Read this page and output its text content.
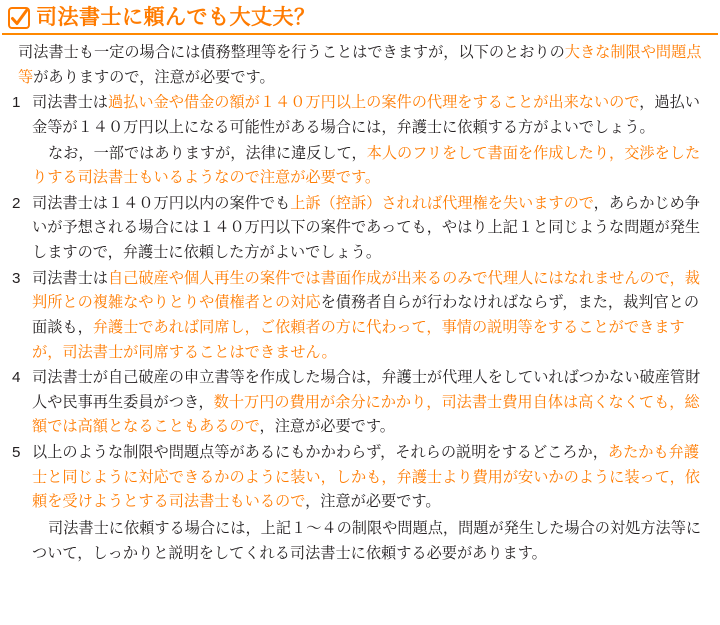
司法書士に頼んでも大丈夫？

司法書士も一定の場合には債務整理等を行うことはできますが，以下のとおりの大きな制限や問題点等がありますので，注意が必要です。

1 司法書士は過払い金や借金の額が１４０万円以上の案件の代理をすることが出来ないので，過払い金等が１４０万円以上になる可能性がある場合には，弁護士に依頼する方がよいでしょう。

なお，一部ではありますが，法律に違反して，本人のフリをして書面を作成したり，交渉をしたりする司法書士もいるようなので注意が必要です。

2 司法書士は１４０万円以内の案件でも上訴（控訴）されれば代理権を失いますので，あらかじめ争いが予想される場合には１４０万円以下の案件であっても，やはり上記１と同じような問題が発生しますので，弁護士に依頼した方がよいでしょう。
3 司法書士は自己破産や個人再生の案件では書面作成が出来るのみで代理人にはなれませんので，裁判所との複雑なやりとりや債権者との対応を債務者自らが行わなければならず，また，裁判官との面談も，弁護士であれば同席し，ご依頼者の方に代わって，事情の説明等をすることができますが，司法書士が同席することはできません。
4 司法書士が自己破産の申立書等を作成した場合は，弁護士が代理人をしていればつかない破産管財人や民事再生委員がつき，数十万円の費用が余分にかかり，司法書士費用自体は高くなくても，総額では高額となることもあるので，注意が必要です。
5 以上のような制限や問題点等があるにもかかわらず，それらの説明をするどころか，あたかも弁護士と同じように対応できるかのように装い，しかも，弁護士より費用が安いかのように装って，依頼を受けようとする司法書士もいるので，注意が必要です。

司法書士に依頼する場合には，上記１～４の制限や問題点，問題が発生した場合の対処方法等について，しっかりと説明をしてくれる司法書士に依頼する必要があります。
